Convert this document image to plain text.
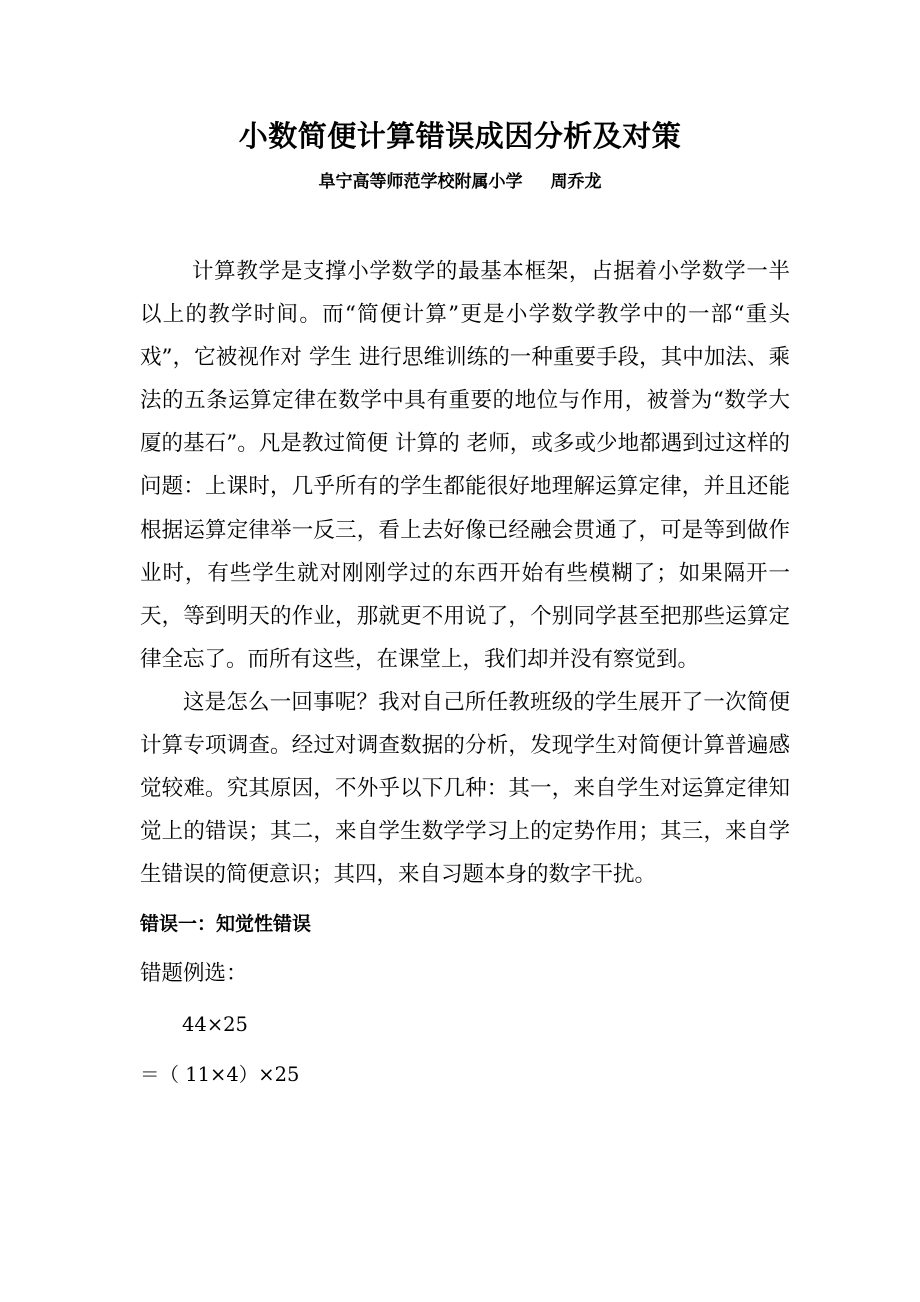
小数简便计算错误成因分析及对策
阜宁高等师范学校附属小学 周乔龙

计算教学是支撑小学数学的最基本框架，占据着小学数学一半以上的教学时间。而“简便计算”更是小学数学教学中的一部“重头戏”，它被视作对 学生 进行思维训练的一种重要手段，其中加法、乘法的五条运算定律在数学中具有重要的地位与作用，被誉为“数学大厦的基石”。凡是教过简便 计算的 老师，或多或少地都遇到过这样的问题：上课时，几乎所有的学生都能很好地理解运算定律，并且还能根据运算定律举一反三，看上去好像已经融会贯通了，可是等到做作业时，有些学生就对刚刚学过的东西开始有些模糊了；如果隔开一天，等到明天的作业，那就更不用说了，个别同学甚至把那些运算定律全忘了。而所有这些，在课堂上，我们却并没有察觉到。

这是怎么一回事呢？我对自己所任教班级的学生展开了一次简便计算专项调查。经过对调查数据的分析，发现学生对简便计算普遍感觉较难。究其原因，不外乎以下几种：其一，来自学生对运算定律知觉上的错误；其二，来自学生数学学习上的定势作用；其三，来自学生错误的简便意识；其四，来自习题本身的数字干扰。

错误一：知觉性错误

错题例选：

44×25

＝（ 11×4）×25
